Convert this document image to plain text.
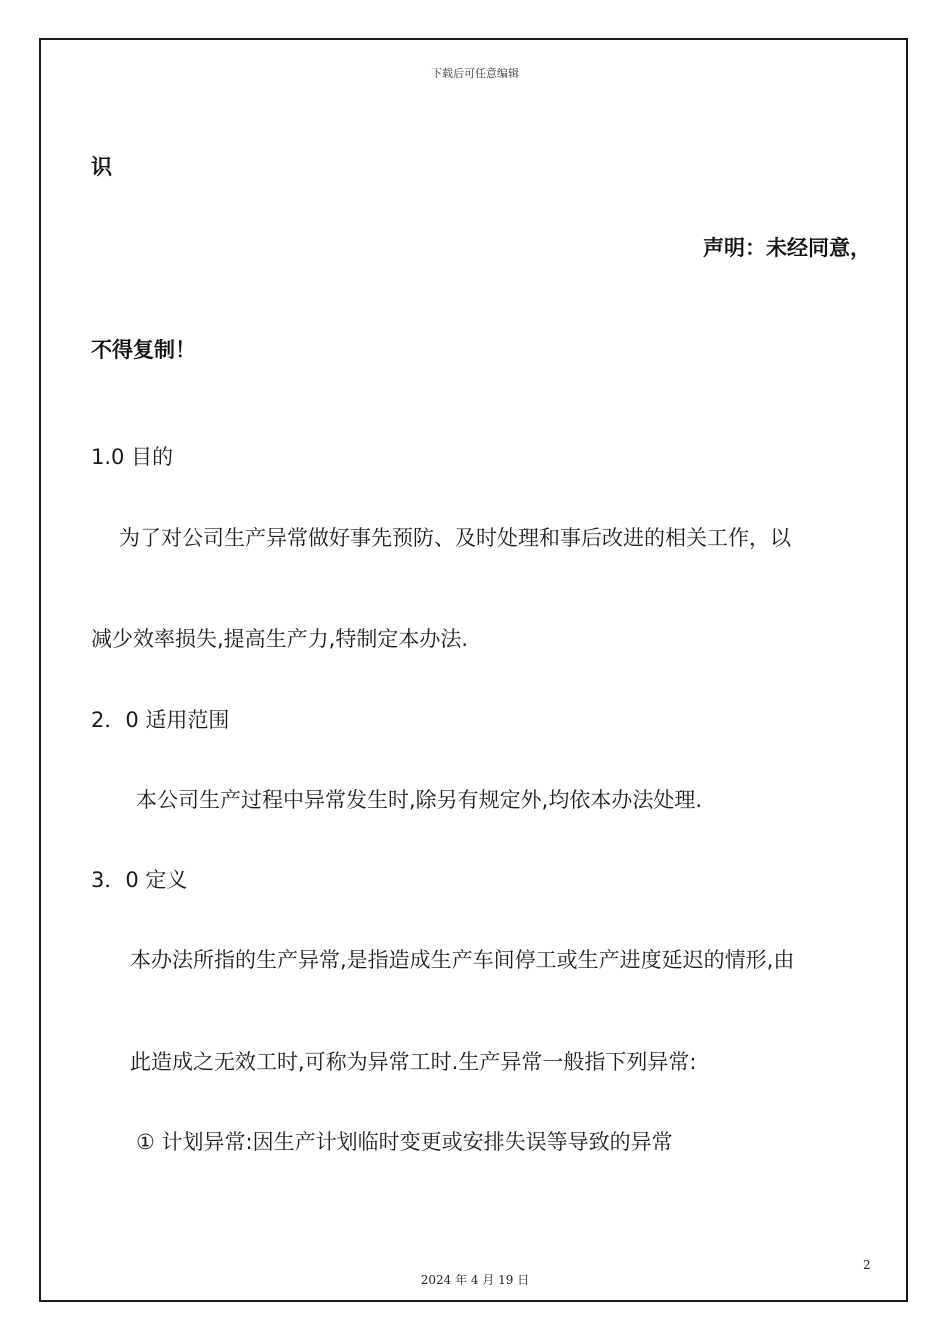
下载后可任意编辑
识
声明：未经同意，
不得复制！
1.0 目的
为了对公司生产异常做好事先预防、及时处理和事后改进的相关工作，以
减少效率损失,提高生产力,特制定本办法.
2．0 适用范围
本公司生产过程中异常发生时,除另有规定外,均依本办法处理.
3．0 定义
本办法所指的生产异常,是指造成生产车间停工或生产进度延迟的情形,由
此造成之无效工时,可称为异常工时.生产异常一般指下列异常:
① 计划异常:因生产计划临时变更或安排失误等导致的异常
2
2024 年 4 月 19 日
